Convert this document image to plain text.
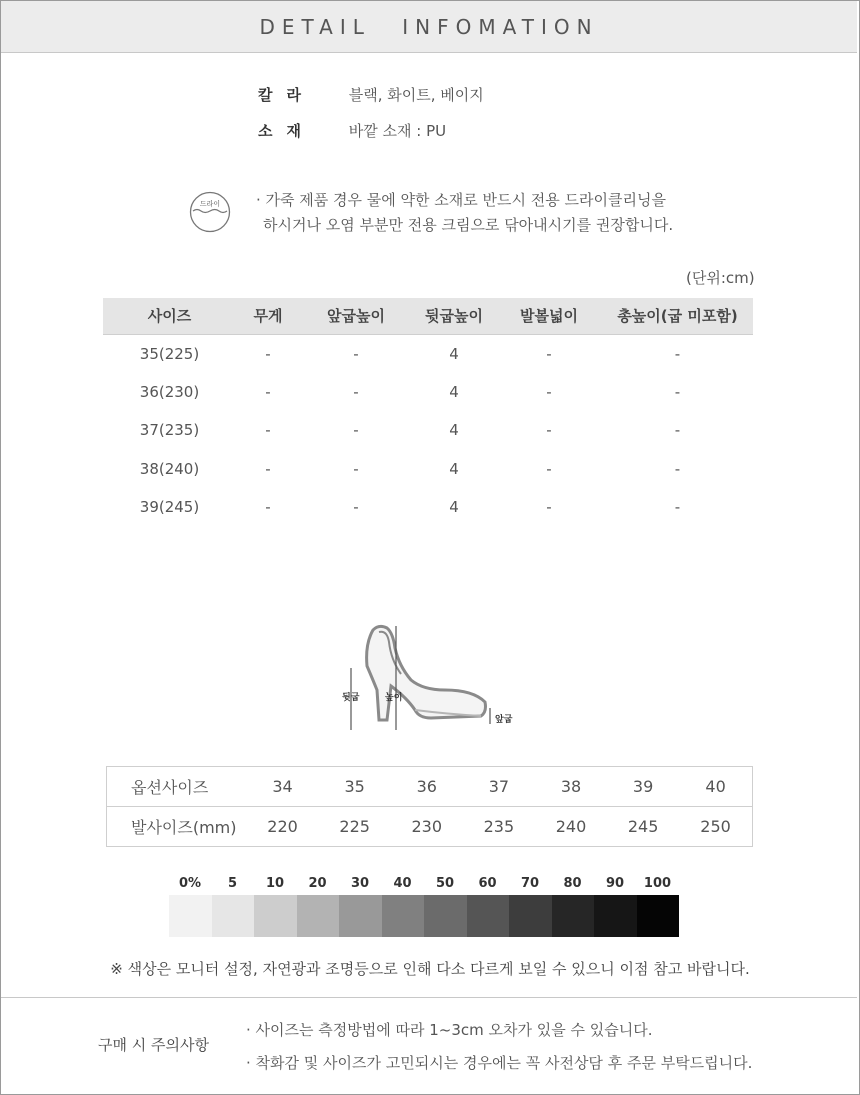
DETAIL INFOMATION
칼라 블랙, 화이트, 베이지
소재 바깥 소재 : PU
드라이 · 가죽 제품 경우 물에 약한 소재로 반드시 전용 드라이클리닝을
하시거나 오염 부분만 전용 크림으로 닦아내시기를 권장합니다.
(단위:cm)
사이즈	무게	앞굽높이	뒷굽높이	발볼넓이	총높이(굽 미포함)
35(225)	-	-	4	-	-
36(230)	-	-	4	-	-
37(235)	-	-	4	-	-
38(240)	-	-	4	-	-
39(245)	-	-	4	-	-
뒷굽	높이
앞굽
옵션사이즈	34	35	36	37	38	39	40
발사이즈(mm)	220	225	230	235	240	245	250
0%	5	10	20	30	40	50	60	70	80	90	100
※ 색상은 모니터 설정, 자연광과 조명등으로 인해 다소 다르게 보일 수 있으니 이점 참고 바랍니다.
구매 시 주의사항
· 사이즈는 측정방법에 따라 1~3cm 오차가 있을 수 있습니다.
· 착화감 및 사이즈가 고민되시는 경우에는 꼭 사전상담 후 주문 부탁드립니다.
